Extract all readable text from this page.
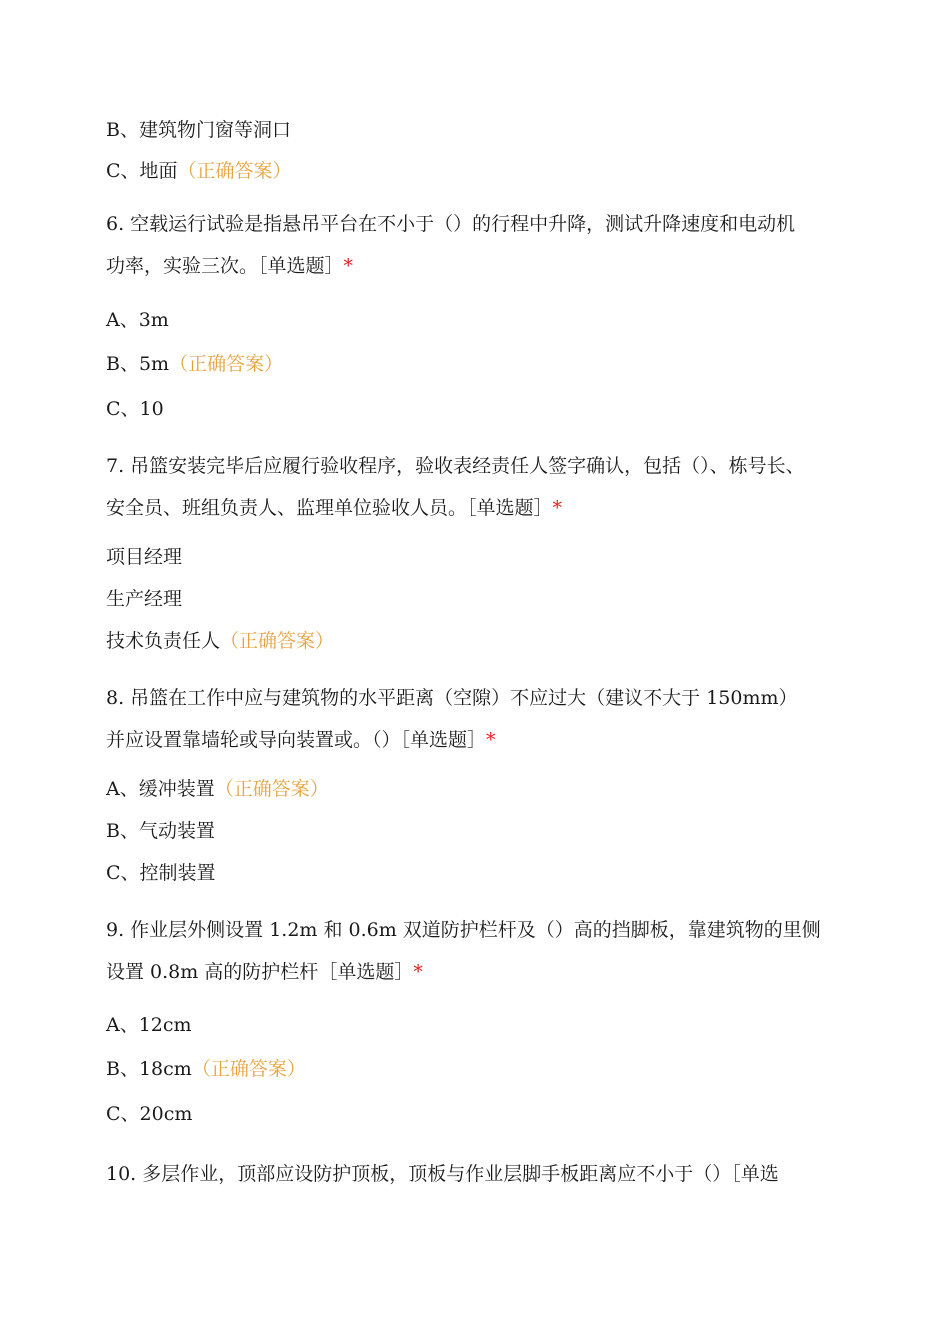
B、建筑物门窗等洞口
C、地面（正确答案）
6. 空载运行试验是指悬吊平台在不小于（）的行程中升降，测试升降速度和电动机
功率，实验三次。［单选题］*
A、3m
B、5m（正确答案）
C、10
7. 吊篮安装完毕后应履行验收程序，验收表经责任人签字确认，包括（）、栋号长、
安全员、班组负责人、监理单位验收人员。［单选题］*
项目经理
生产经理
技术负责任人（正确答案）
8. 吊篮在工作中应与建筑物的水平距离（空隙）不应过大（建议不大于 150mm）
并应设置靠墙轮或导向装置或。（）［单选题］*
A、缓冲装置（正确答案）
B、气动装置
C、控制装置
9. 作业层外侧设置 1.2m 和 0.6m 双道防护栏杆及（）高的挡脚板，靠建筑物的里侧
设置 0.8m 高的防护栏杆［单选题］*
A、12cm
B、18cm（正确答案）
C、20cm
10. 多层作业，顶部应设防护顶板，顶板与作业层脚手板距离应不小于（）［单选
